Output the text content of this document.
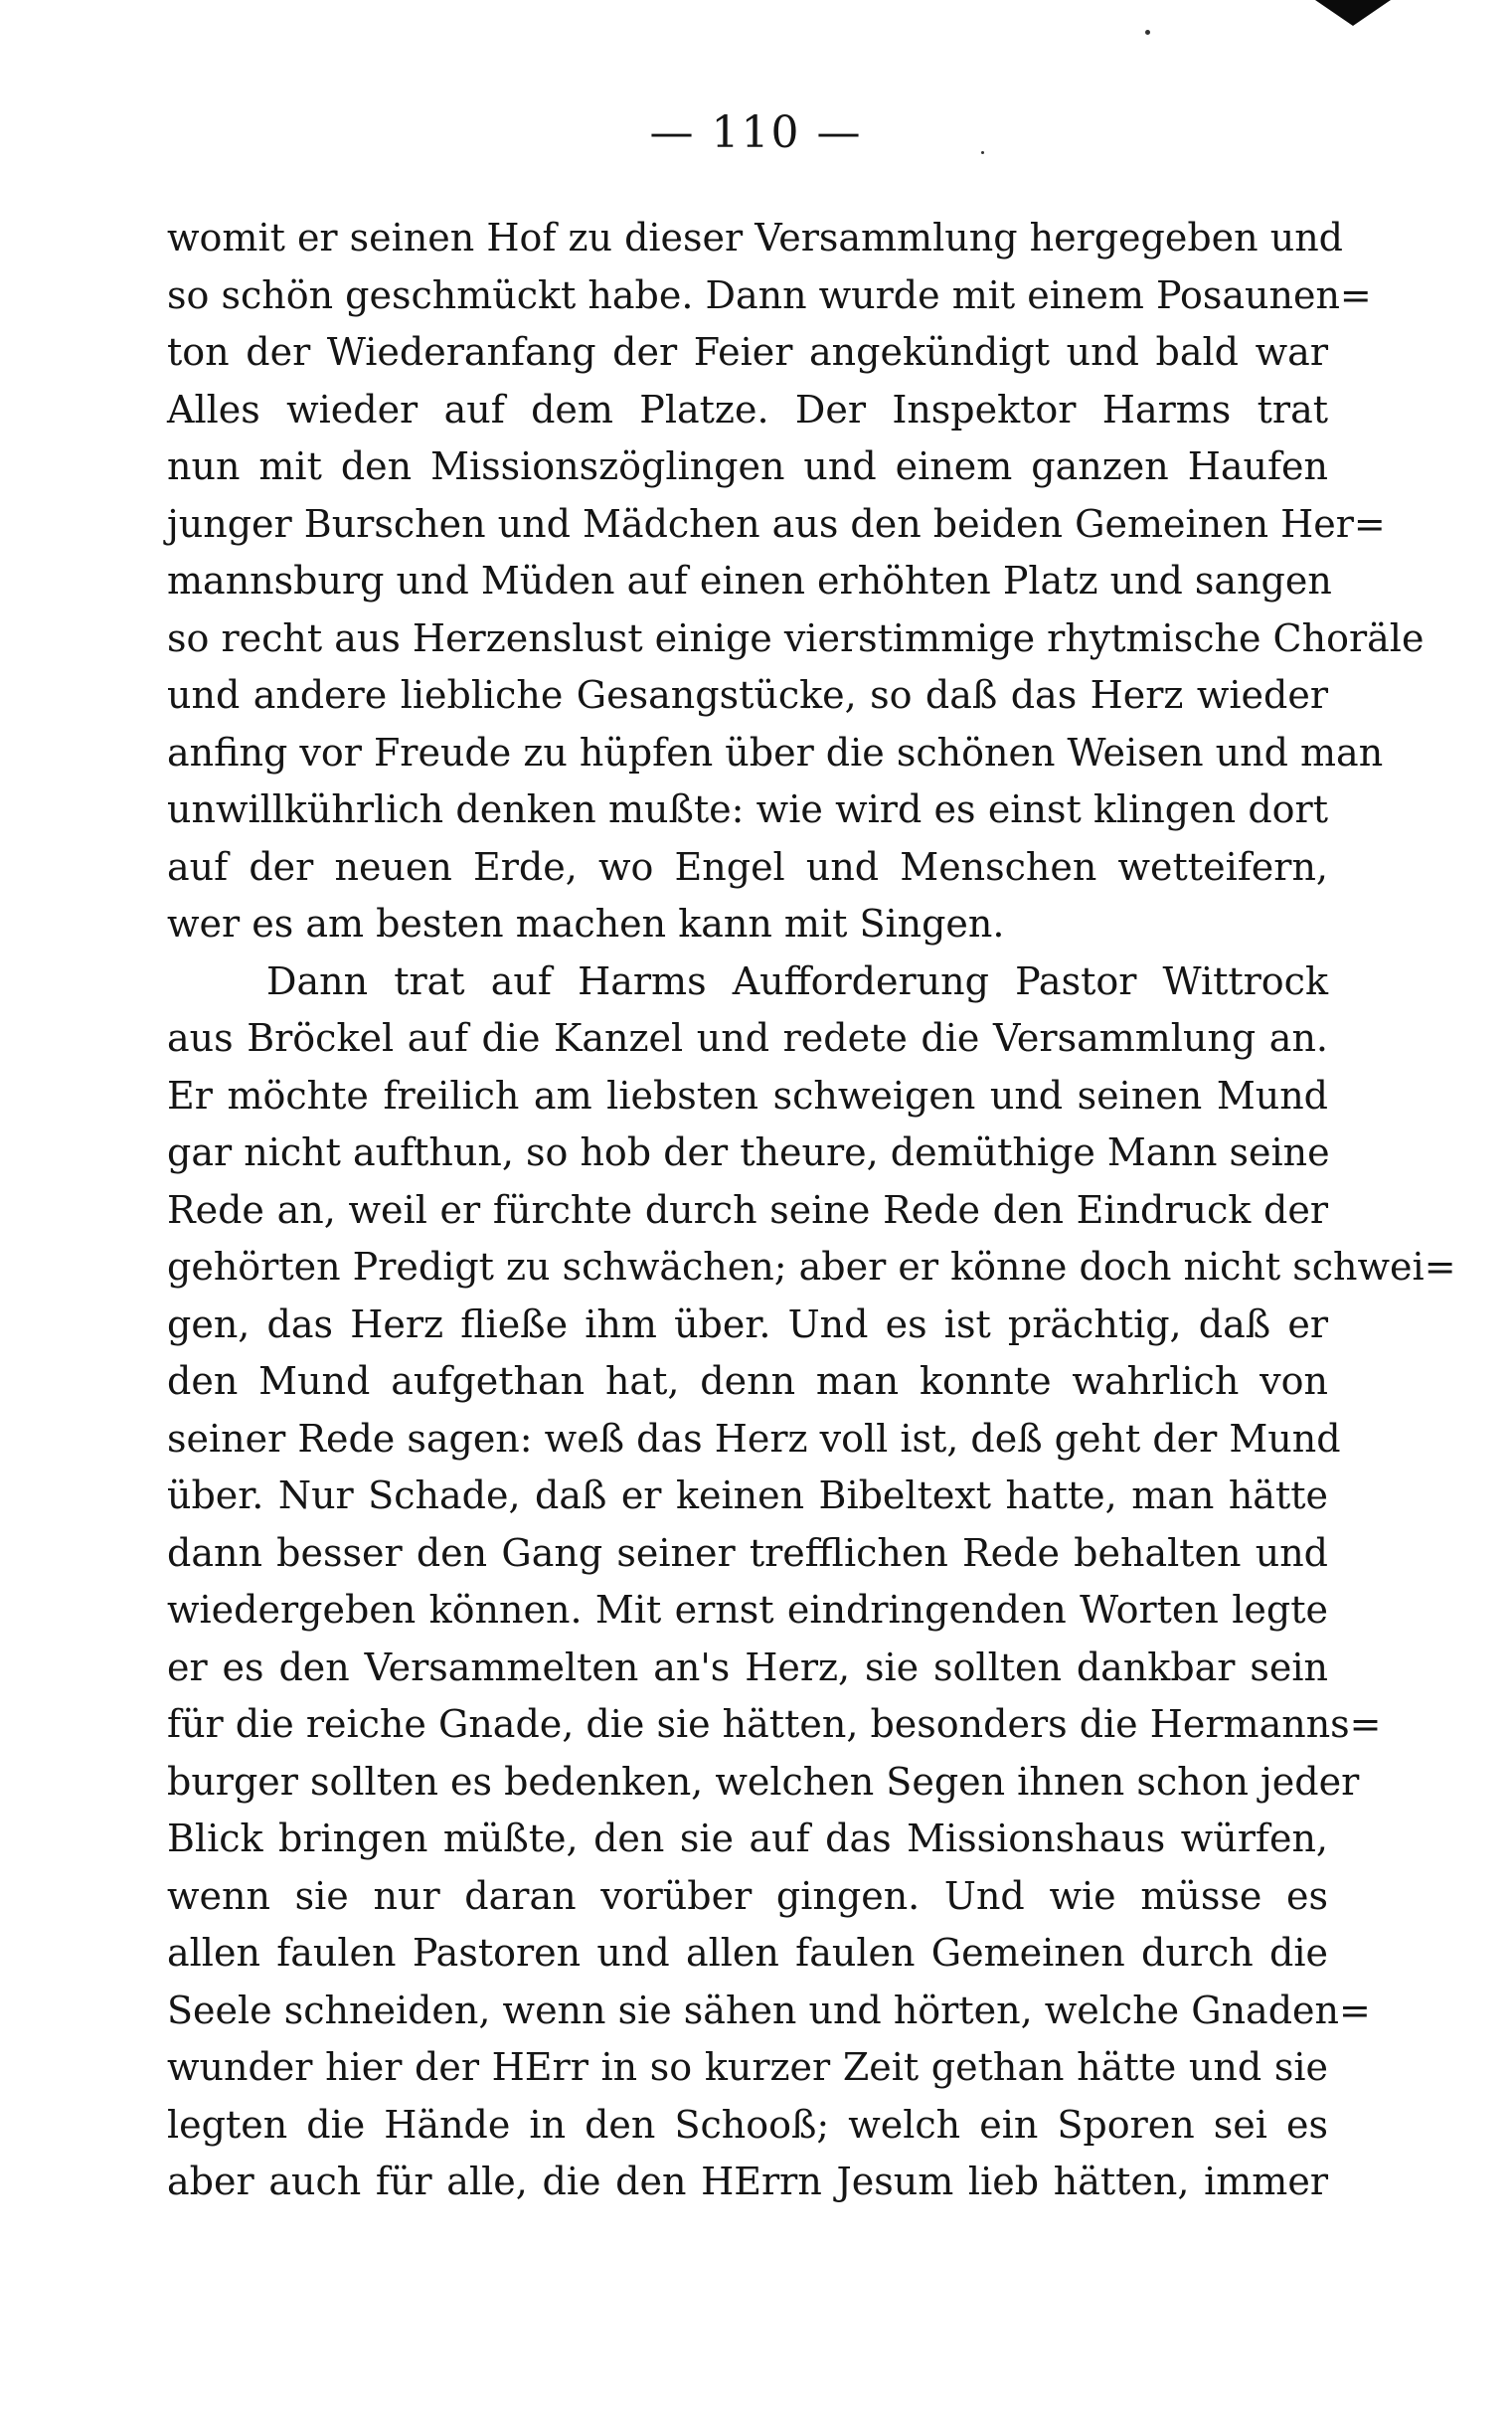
— 110 —
womit er seinen Hof zu dieser Versammlung hergegeben und
so schön geschmückt habe. Dann wurde mit einem Posaunen=
ton der Wiederanfang der Feier angekündigt und bald war
Alles wieder auf dem Platze. Der Inspektor Harms trat
nun mit den Missionszöglingen und einem ganzen Haufen
junger Burschen und Mädchen aus den beiden Gemeinen Her=
mannsburg und Müden auf einen erhöhten Platz und sangen
so recht aus Herzenslust einige vierstimmige rhytmische Choräle
und andere liebliche Gesangstücke, so daß das Herz wieder
anfing vor Freude zu hüpfen über die schönen Weisen und man
unwillkührlich denken mußte: wie wird es einst klingen dort
auf der neuen Erde, wo Engel und Menschen wetteifern,
wer es am besten machen kann mit Singen.
Dann trat auf Harms Aufforderung Pastor Wittrock
aus Bröckel auf die Kanzel und redete die Versammlung an.
Er möchte freilich am liebsten schweigen und seinen Mund
gar nicht aufthun, so hob der theure, demüthige Mann seine
Rede an, weil er fürchte durch seine Rede den Eindruck der
gehörten Predigt zu schwächen; aber er könne doch nicht schwei=
gen, das Herz fließe ihm über. Und es ist prächtig, daß er
den Mund aufgethan hat, denn man konnte wahrlich von
seiner Rede sagen: weß das Herz voll ist, deß geht der Mund
über. Nur Schade, daß er keinen Bibeltext hatte, man hätte
dann besser den Gang seiner trefflichen Rede behalten und
wiedergeben können. Mit ernst eindringenden Worten legte
er es den Versammelten an's Herz, sie sollten dankbar sein
für die reiche Gnade, die sie hätten, besonders die Hermanns=
burger sollten es bedenken, welchen Segen ihnen schon jeder
Blick bringen müßte, den sie auf das Missionshaus würfen,
wenn sie nur daran vorüber gingen. Und wie müsse es
allen faulen Pastoren und allen faulen Gemeinen durch die
Seele schneiden, wenn sie sähen und hörten, welche Gnaden=
wunder hier der HErr in so kurzer Zeit gethan hätte und sie
legten die Hände in den Schooß; welch ein Sporen sei es
aber auch für alle, die den HErrn Jesum lieb hätten, immer
